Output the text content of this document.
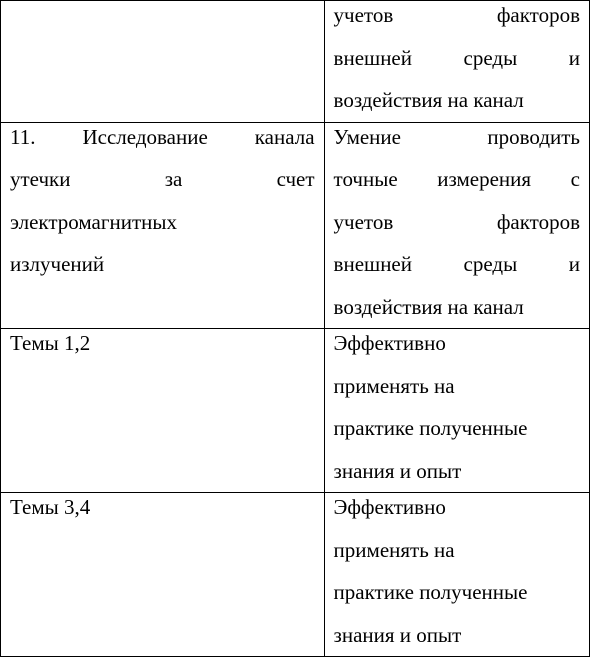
	учетов факторов
внешней среды и
воздействия на канал

11. Исследование канала
утечки за счет
электромагнитных
излучений	Умение проводить
точные измерения с
учетов факторов
внешней среды и
воздействия на канал

Темы 1,2	Эффективно
применять на
практике полученные
знания и опыт

Темы 3,4	Эффективно
применять на
практике полученные
знания и опыт
